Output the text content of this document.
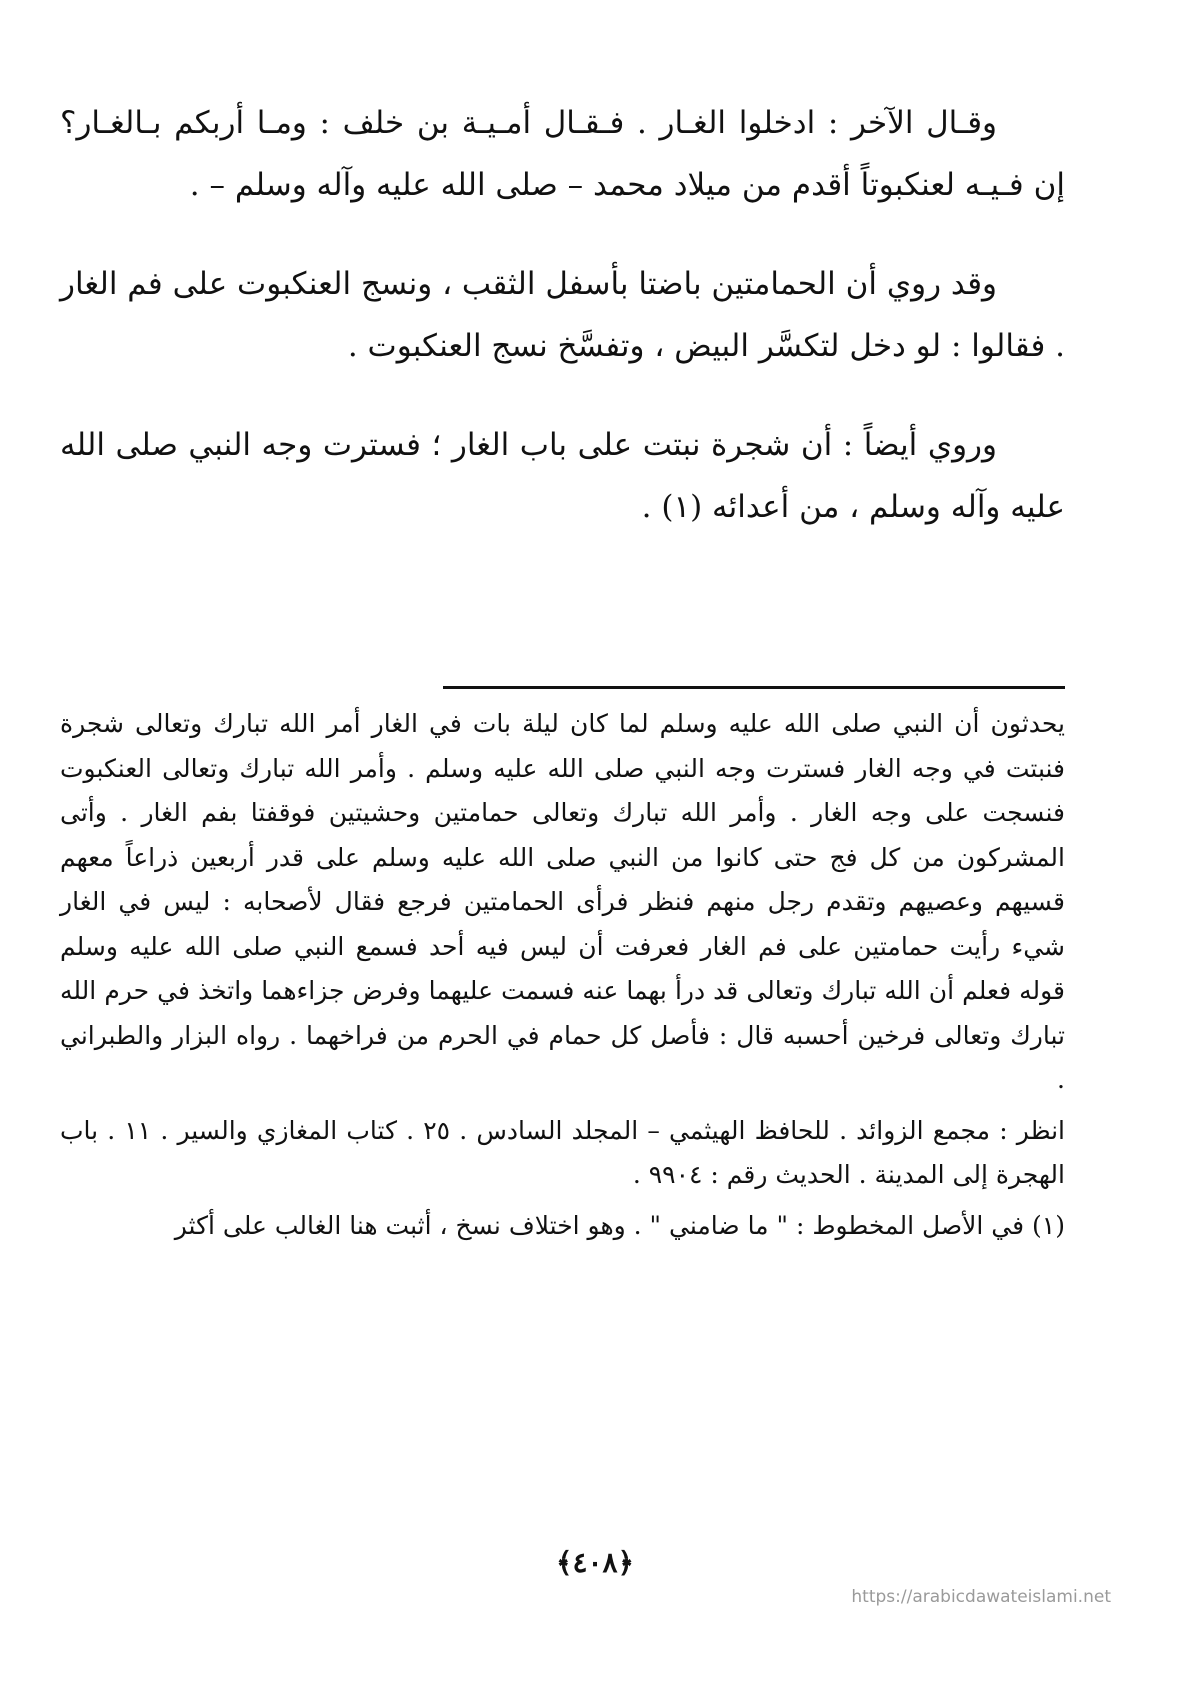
وقـال الآخر : ادخلوا الغـار . فـقـال أمـيـة بن خلف : ومـا أربكم بـالغـار؟ إن فـيـه لعنكبوتاً أقدم من ميلاد محمد – صلى الله عليه وآله وسلم – .

وقد روي أن الحمامتين باضتا بأسفل الثقب ، ونسج العنكبوت على فم الغار . فقالوا : لو دخل لتكسَّر البيض ، وتفسَّخ نسج العنكبوت .

وروي أيضاً : أن شجرة نبتت على باب الغار ؛ فسترت وجه النبي صلى الله عليه وآله وسلم ، من أعدائه (١) .

يحدثون أن النبي صلى الله عليه وسلم لما كان ليلة بات في الغار أمر الله تبارك وتعالى شجرة فنبتت في وجه الغار فسترت وجه النبي صلى الله عليه وسلم . وأمر الله تبارك وتعالى العنكبوت فنسجت على وجه الغار . وأمر الله تبارك وتعالى حمامتين وحشيتين فوقفتا بفم الغار . وأتى المشركون من كل فج حتى كانوا من النبي صلى الله عليه وسلم على قدر أربعين ذراعاً معهم قسيهم وعصيهم وتقدم رجل منهم فنظر فرأى الحمامتين فرجع فقال لأصحابه : ليس في الغار شيء رأيت حمامتين على فم الغار فعرفت أن ليس فيه أحد فسمع النبي صلى الله عليه وسلم قوله فعلم أن الله تبارك وتعالى قد درأ بهما عنه فسمت عليهما وفرض جزاءهما واتخذ في حرم الله تبارك وتعالى فرخين أحسبه قال : فأصل كل حمام في الحرم من فراخهما . رواه البزار والطبراني .

انظر : مجمع الزوائد . للحافظ الهيثمي – المجلد السادس . ٢٥ . كتاب المغازي والسير . ١١ . باب الهجرة إلى المدينة . الحديث رقم : ٩٩٠٤ .

(١) في الأصل المخطوط : " ما ضامني " . وهو اختلاف نسخ ، أثبت هنا الغالب على أكثر

﴿٤٠٨﴾
https://arabicdawateislami.net
